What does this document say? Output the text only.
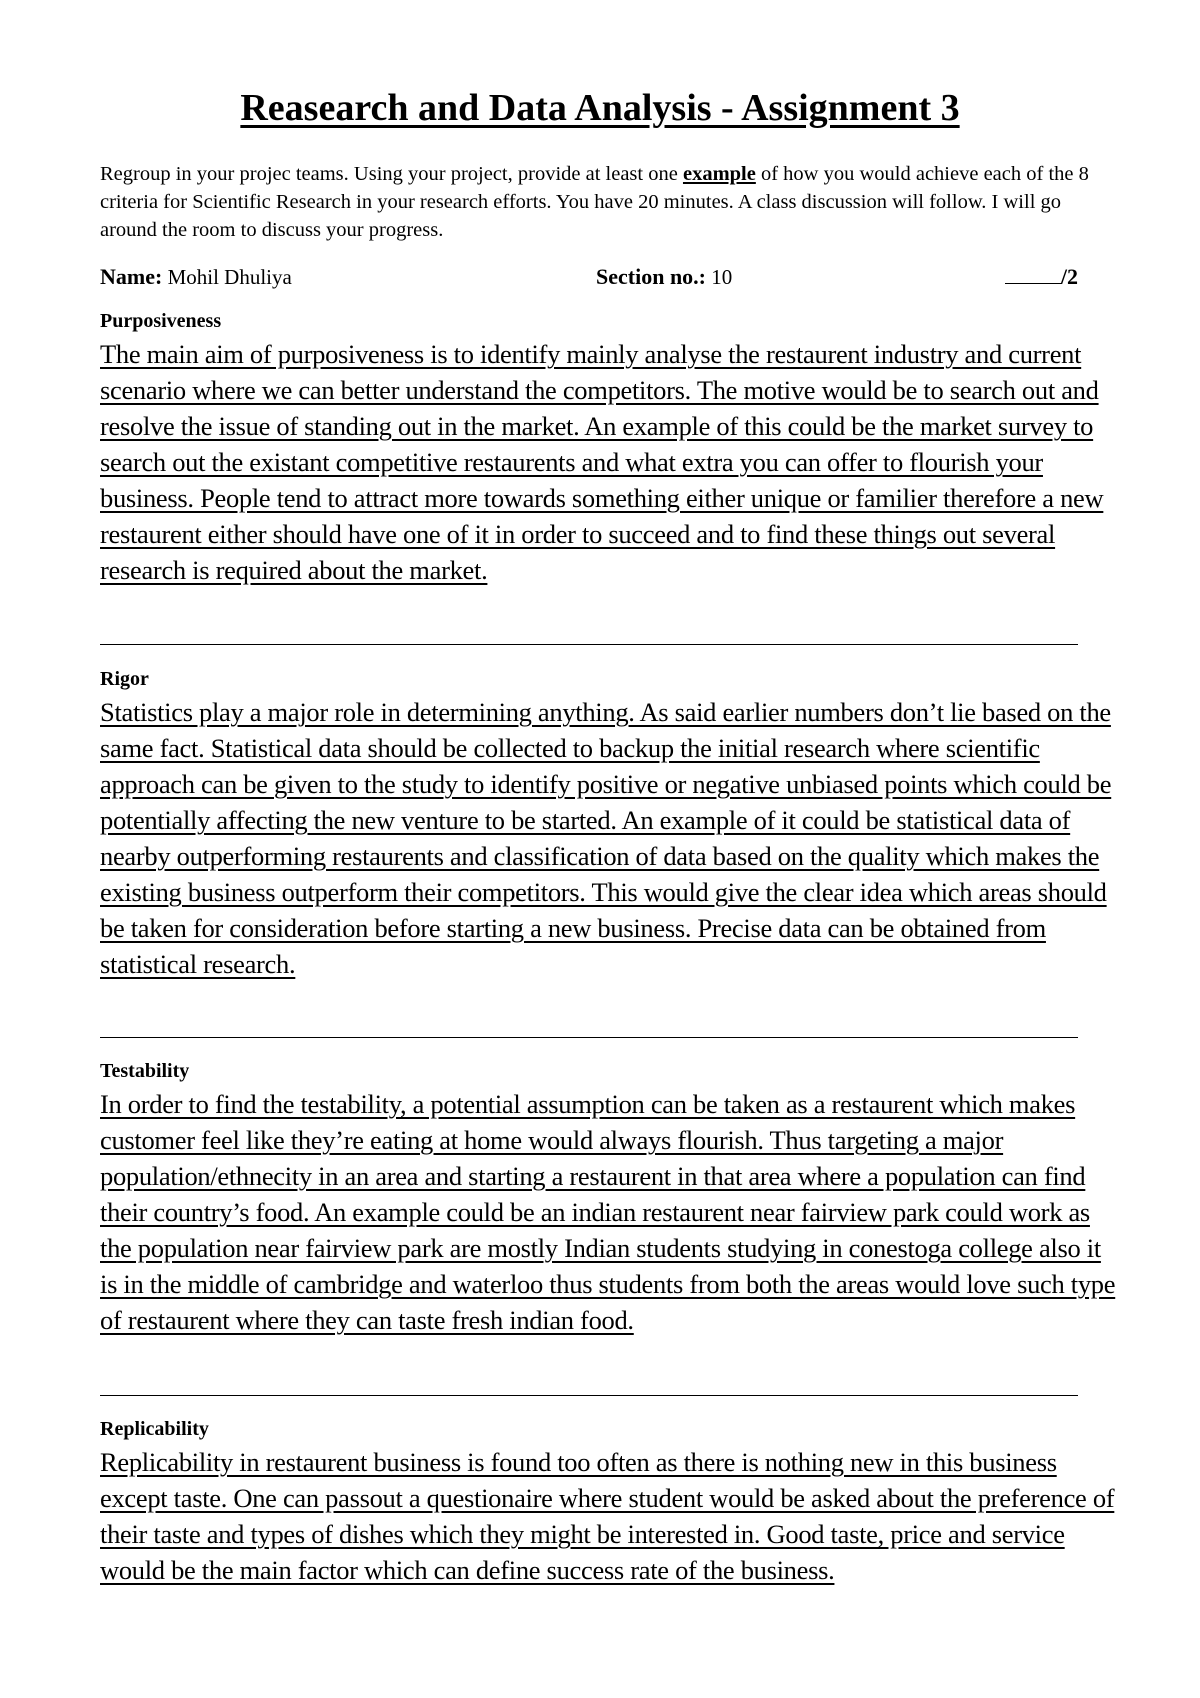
Reasearch and Data Analysis - Assignment 3
Regroup in your projec teams. Using your project, provide at least one example of how you would achieve each of the 8 criteria for Scientific Research in your research efforts. You have 20 minutes. A class discussion will follow. I will go around the room to discuss your progress.
Name: Mohil Dhuliya	Section no.: 10	/2
Purposiveness
The main aim of purposiveness is to identify mainly analyse the restaurent industry and current scenario where we can better understand the competitors. The motive would be to search out and resolve the issue of standing out in the market. An example of this could be the market survey to search out the existant competitive restaurents and what extra you can offer to flourish your business. People tend to attract more towards something either unique or familier therefore a new restaurent either should have one of it in order to succeed and to find these things out several research is required about the market.
Rigor
Statistics play a major role in determining anything. As said earlier numbers don’t lie based on the same fact. Statistical data should be collected to backup the initial research where scientific approach can be given to the study to identify positive or negative unbiased points which could be potentially affecting the new venture to be started. An example of it could be statistical data of nearby outperforming restaurents and classification of data based on the quality which makes the existing business outperform their competitors. This would give the clear idea which areas should be taken for consideration before starting a new business. Precise data can be obtained from statistical research.
Testability
In order to find the testability, a potential assumption can be taken as a restaurent which makes customer feel like they’re eating at home would always flourish. Thus targeting a major population/ethnecity in an area and starting a restaurent in that area where a population can find their country’s food. An example could be an indian restaurent near fairview park could work as the population near fairview park are mostly Indian students studying in conestoga college also it is in the middle of cambridge and waterloo thus students from both the areas would love such type of restaurent where they can taste fresh indian food.
Replicability
Replicability in restaurent business is found too often as there is nothing new in this business except taste. One can passout a questionaire where student would be asked about the preference of their taste and types of dishes which they might be interested in. Good taste, price and service would be the main factor which can define success rate of the business.
